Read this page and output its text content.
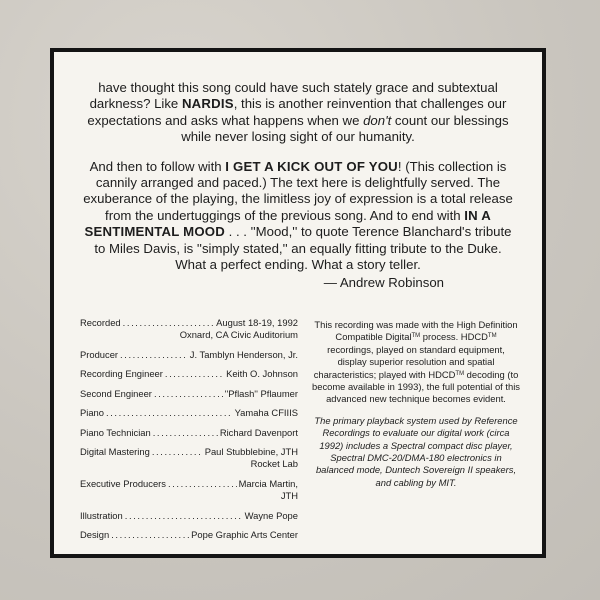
have thought this song could have such stately grace and subtextual darkness? Like NARDIS, this is another reinvention that challenges our expectations and asks what happens when we don't count our blessings while never losing sight of our humanity.

And then to follow with I GET A KICK OUT OF YOU! (This collection is cannily arranged and paced.) The text here is delightfully served. The exuberance of the playing, the limitless joy of expression is a total release from the undertuggings of the previous song. And to end with IN A SENTIMENTAL MOOD . . . ''Mood,'' to quote Terence Blanchard's tribute to Miles Davis, is ''simply stated,'' an equally fitting tribute to the Duke. What a perfect ending. What a story teller.

— Andrew Robinson
Recorded . . .	August 18-19, 1992
Oxnard, CA Civic Auditorium
Producer . . .	J. Tamblyn Henderson, Jr.
Recording Engineer . . .	Keith O. Johnson
Second Engineer . . .	''Pflash'' Pflaumer
Piano . . .	Yamaha CFIIIS
Piano Technician . . .	Richard Davenport
Digital Mastering . . .	Paul Stubblebine, JTH
Rocket Lab
Executive Producers . . .	Marcia Martin,
JTH
Illustration . . .	Wayne Pope
Design . . .	Pope Graphic Arts Center

This recording was made with the High Definition Compatible Digital™ process. HDCD™ recordings, played on standard equipment, display superior resolution and spatial characteristics; played with HDCD™ decoding (to become available in 1993), the full potential of this advanced new technique becomes evident.

The primary playback system used by Reference Recordings to evaluate our digital work (circa 1992) includes a Spectral compact disc player, Spectral DMC-20/DMA-180 electronics in balanced mode, Duntech Sovereign II speakers, and cabling by MIT.
